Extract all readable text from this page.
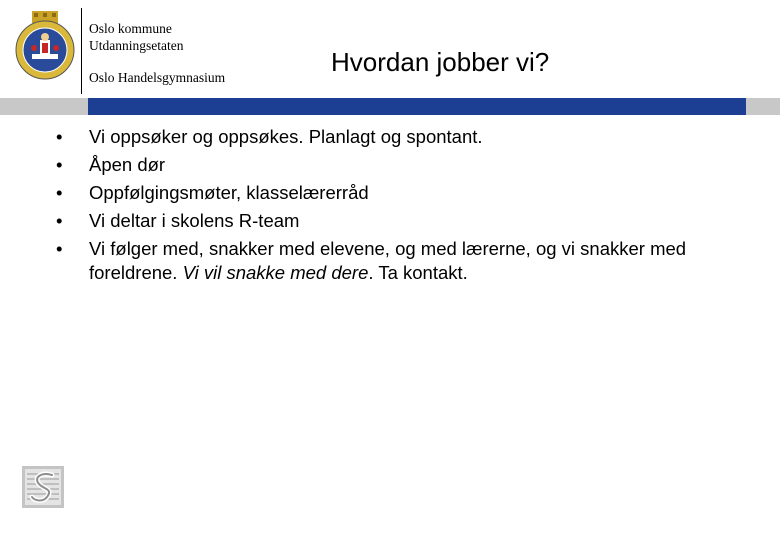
Oslo kommune
Utdanningsetaten
Oslo Handelsgymnasium
Hvordan jobber vi?
• Vi oppsøker og oppsøkes. Planlagt og spontant.
• Åpen dør
• Oppfølgingsmøter, klasselærerråd
• Vi deltar i skolens R-team
• Vi følger med, snakker med elevene, og med lærerne, og vi snakker med foreldrene. Vi vil snakke med dere. Ta kontakt.
